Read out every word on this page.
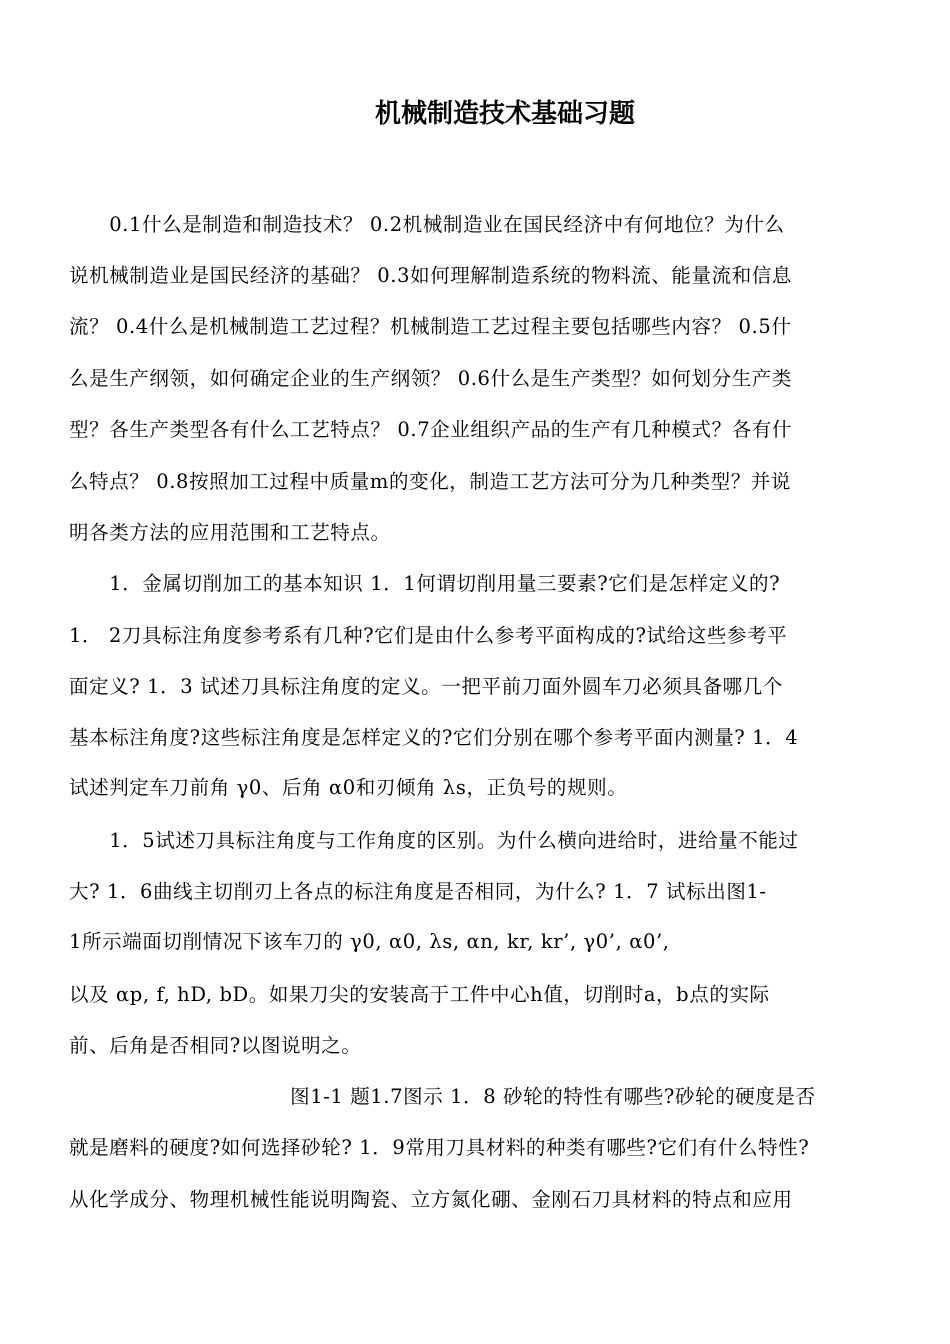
机械制造技术基础习题
　　0.1什么是制造和制造技术？ 0.2机械制造业在国民经济中有何地位？为什么
说机械制造业是国民经济的基础？ 0.3如何理解制造系统的物料流、能量流和信息
流？ 0.4什么是机械制造工艺过程？机械制造工艺过程主要包括哪些内容？ 0.5什
么是生产纲领，如何确定企业的生产纲领？ 0.6什么是生产类型？如何划分生产类
型？各生产类型各有什么工艺特点？ 0.7企业组织产品的生产有几种模式？各有什
么特点？ 0.8按照加工过程中质量m的变化，制造工艺方法可分为几种类型？并说
明各类方法的应用范围和工艺特点。
　　1．金属切削加工的基本知识 1．1何谓切削用量三要素?它们是怎样定义的?
1． 2刀具标注角度参考系有几种?它们是由什么参考平面构成的?试给这些参考平
面定义? 1．3 试述刀具标注角度的定义。一把平前刀面外圆车刀必须具备哪几个
基本标注角度?这些标注角度是怎样定义的?它们分别在哪个参考平面内测量? 1．4
试述判定车刀前角 γ0、后角 α0和刃倾角 λs，正负号的规则。
　　1．5试述刀具标注角度与工作角度的区别。为什么横向进给时，进给量不能过
大? 1．6曲线主切削刃上各点的标注角度是否相同，为什么? 1．7 试标出图1-
1所示端面切削情况下该车刀的 γ0, α0, λs, αn, kr, kr’, γ0’, α0’,
以及 αp, f, hD, bD。如果刀尖的安装高于工件中心h值，切削时a，b点的实际
前、后角是否相同?以图说明之。
　　　　　　　　　　　图1-1 题1.7图示 1．8 砂轮的特性有哪些?砂轮的硬度是否
就是磨料的硬度?如何选择砂轮? 1．9常用刀具材料的种类有哪些?它们有什么特性?
从化学成分、物理机械性能说明陶瓷、立方氮化硼、金刚石刀具材料的特点和应用
